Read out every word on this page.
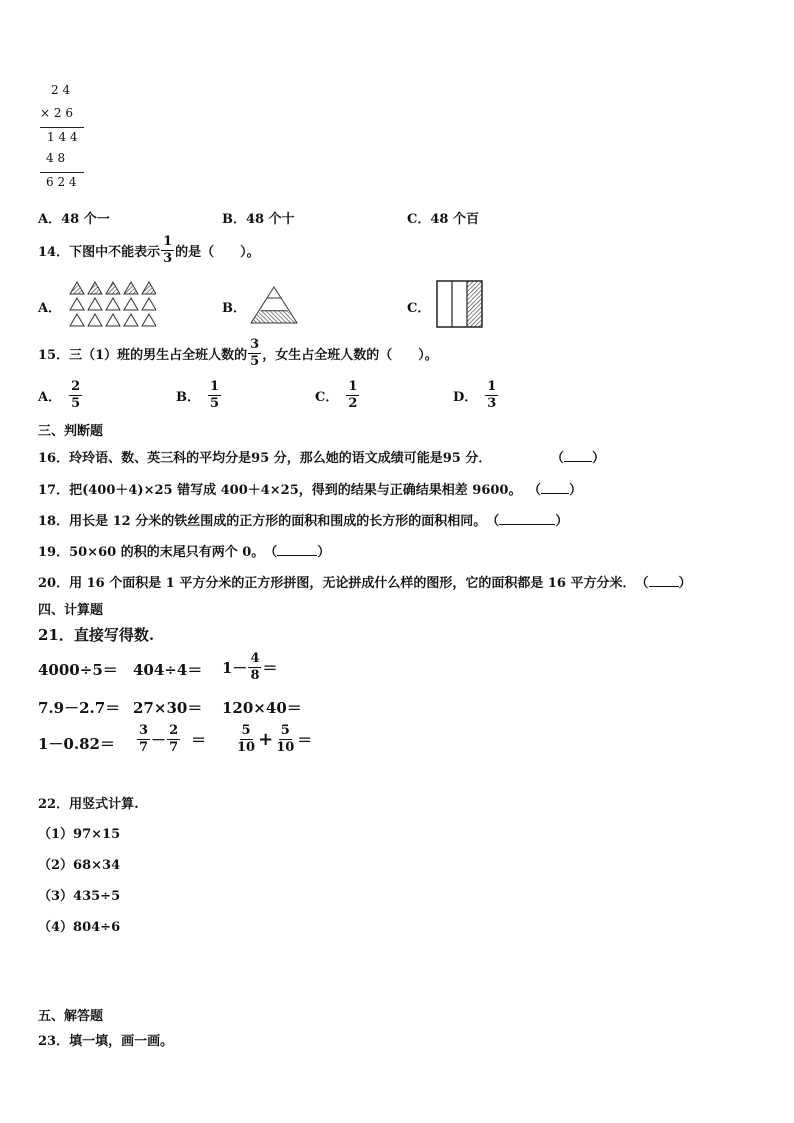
2 4
× 2 6
1 4 4
4 8
6 2 4
A．48 个一	B．48 个十	C．48 个百
14．下图中不能表示 $\frac{1}{3}$ 的是（　　）。
A．	B．	C．
15．三（1）班的男生占全班人数的 $\frac{3}{5}$ ，女生占全班人数的（　　）。
A． $\frac{2}{5}$	B． $\frac{1}{5}$	C． $\frac{1}{2}$	D． $\frac{1}{3}$
三、判断题
16．玲玲语、数、英三科的平均分是95 分，那么她的语文成绩可能是95 分．	（ ）
17．把(400＋4)×25 错写成 400＋4×25，得到的结果与正确结果相差 9600。 （ ）
18．用长是 12 分米的铁丝围成的正方形的面积和围成的长方形的面积相同。 （	）
19．50×60 的积的末尾只有两个 0。 （	）
20．用 16 个面积是 1 平方分米的正方形拼图，无论拼成什么样的图形，它的面积都是 16 平方分米． （ ）
四、计算题
21．直接写得数.
$4000\div 5= 404\div 4= 1- \frac{4}{8}$ ＝
7.9－2.7＝ 27×30＝ 120×40＝
$1-0.82= \frac{3}{7} - \frac{2}{7} = \frac{5}{10} + \frac{5}{10}$ ＝
22．用竖式计算.
（1）97×15
（2）68×34
（3）435÷5
（4）804÷6
五、解答题
23．填一填，画一画。
